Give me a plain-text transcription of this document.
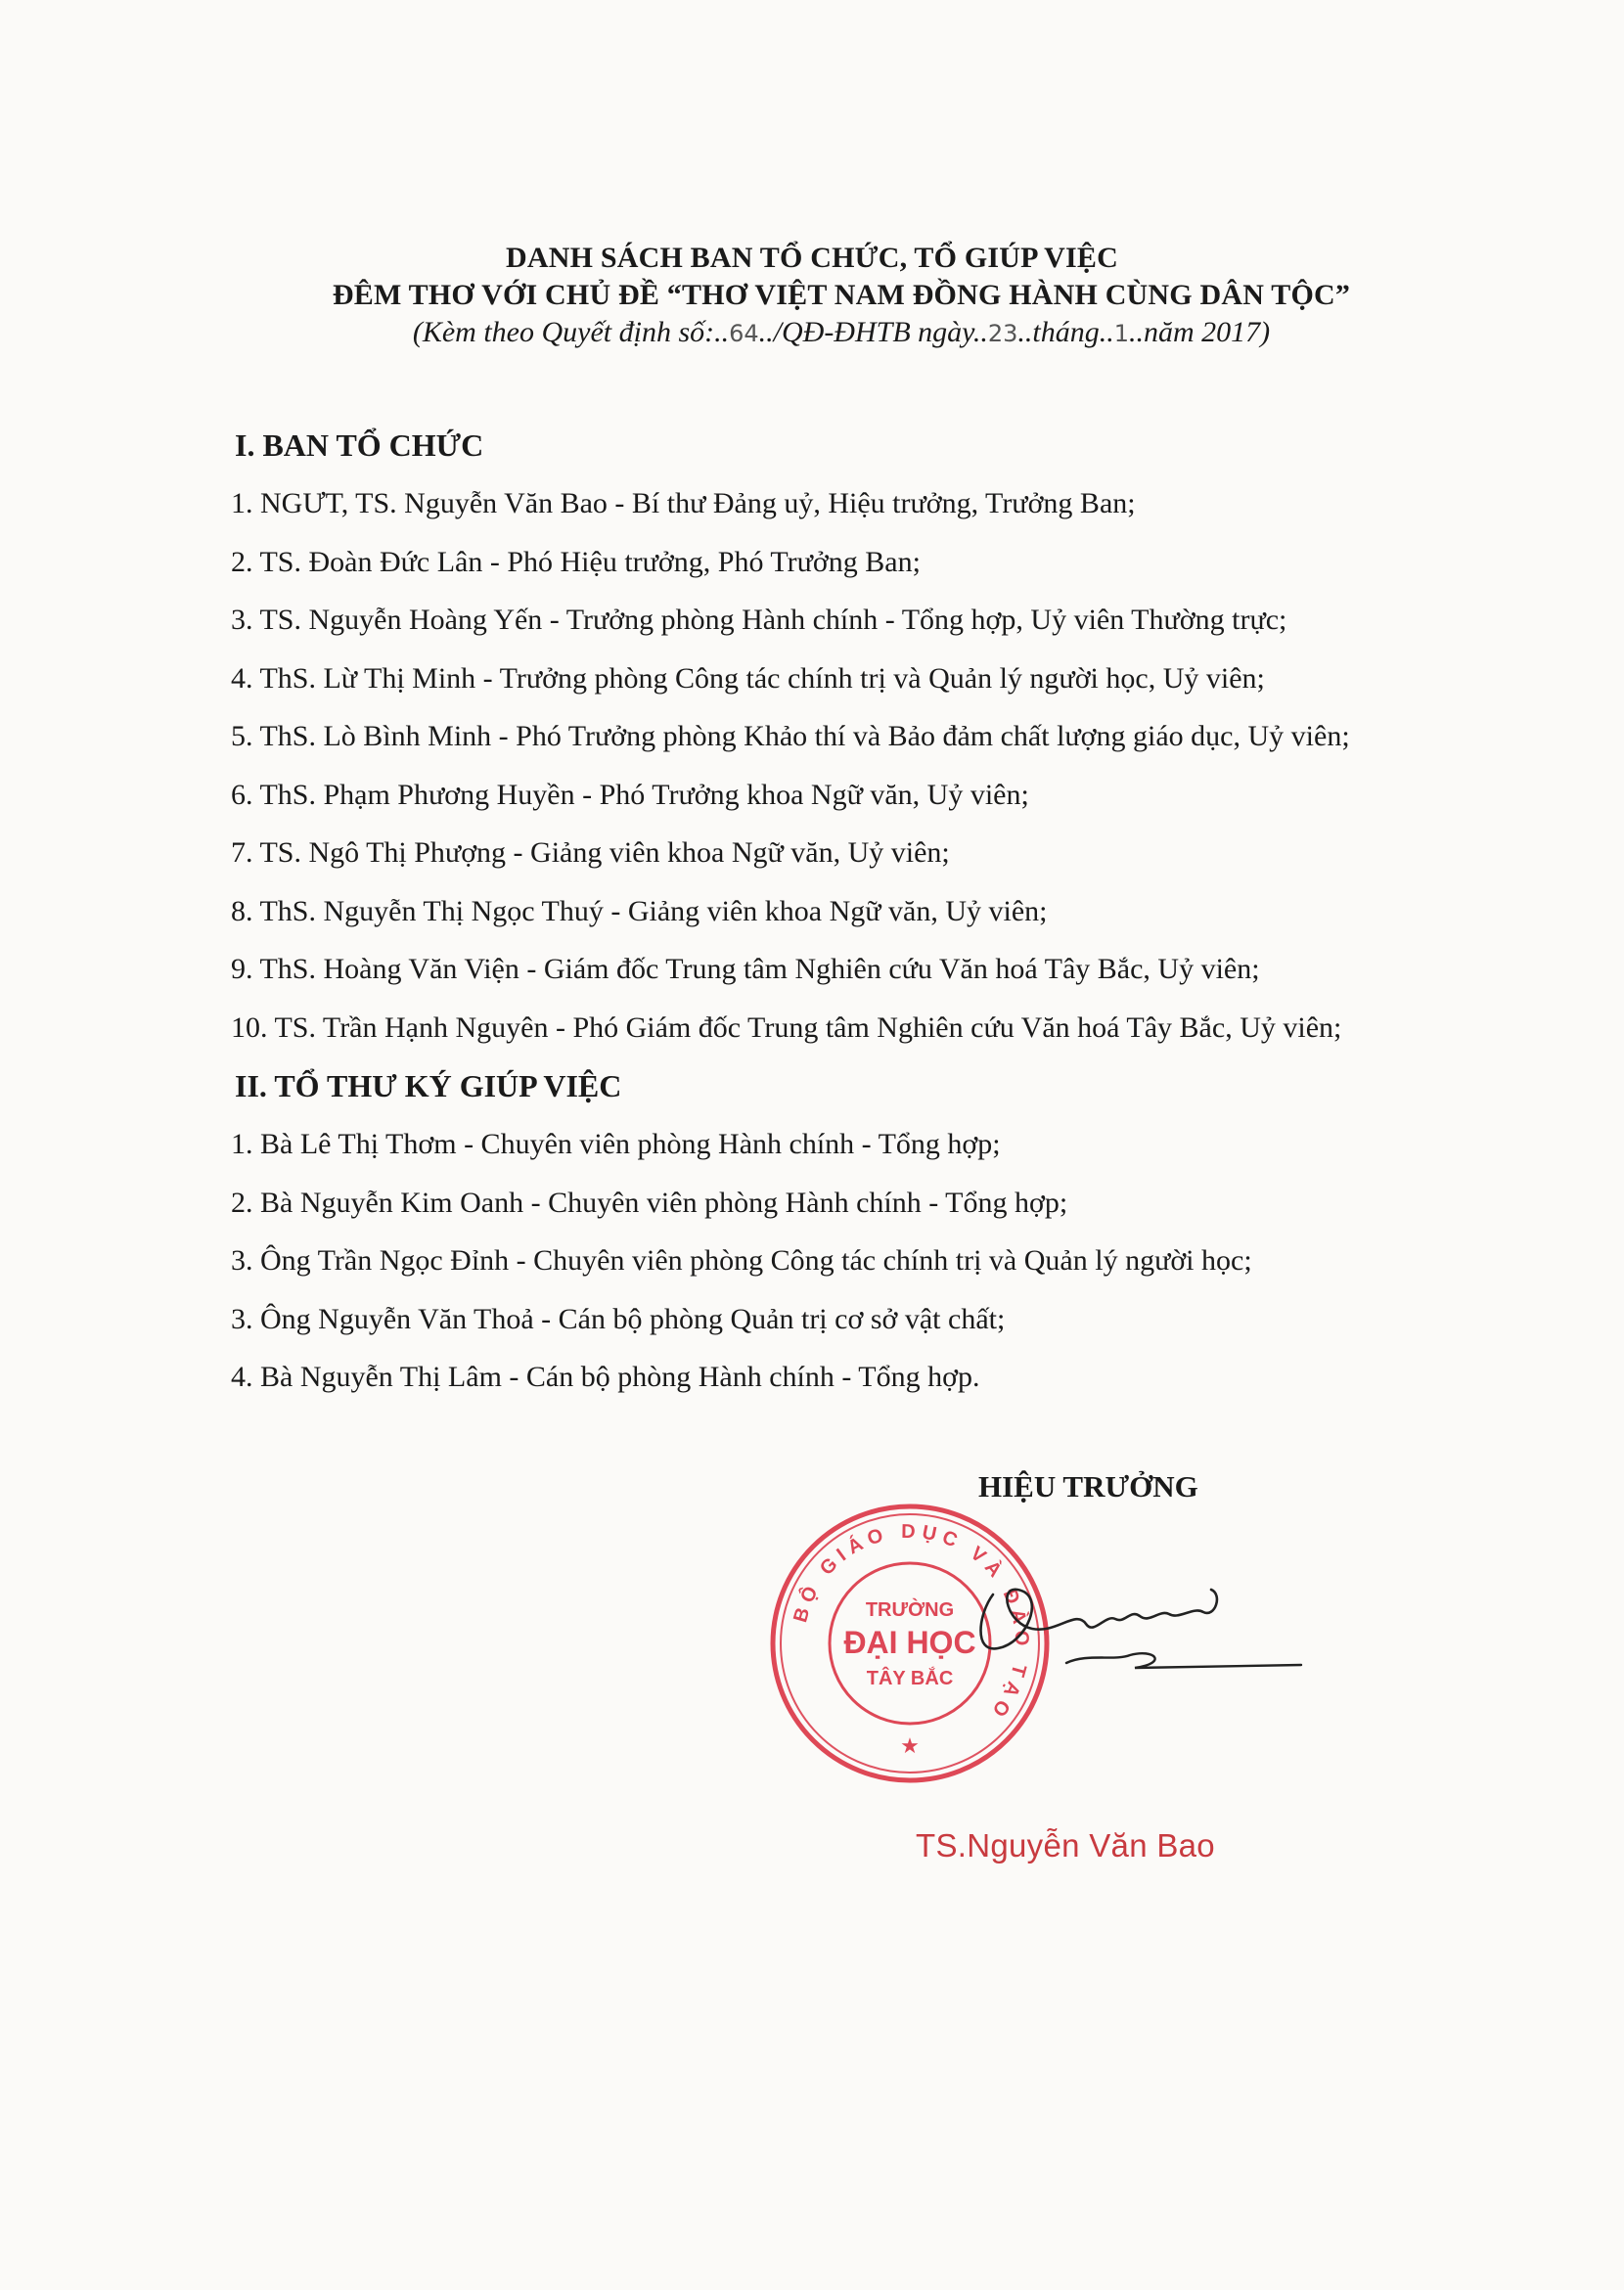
DANH SÁCH BAN TỔ CHỨC, TỔ GIÚP VIỆC
ĐÊM THƠ VỚI CHỦ ĐỀ “THƠ VIỆT NAM ĐỒNG HÀNH CÙNG DÂN TỘC”
(Kèm theo Quyết định số:..64../QĐ-ĐHTB ngày..23..tháng..1..năm 2017)
I. BAN TỔ CHỨC
1. NGƯT, TS. Nguyễn Văn Bao - Bí thư Đảng uỷ, Hiệu trưởng, Trưởng Ban;
2. TS. Đoàn Đức Lân - Phó Hiệu trưởng, Phó Trưởng Ban;
3. TS. Nguyễn Hoàng Yến - Trưởng phòng Hành chính - Tổng hợp, Uỷ viên Thường trực;
4. ThS. Lừ Thị Minh - Trưởng phòng Công tác chính trị và Quản lý người học, Uỷ viên;
5. ThS. Lò Bình Minh - Phó Trưởng phòng Khảo thí và Bảo đảm chất lượng giáo dục, Uỷ viên;
6. ThS. Phạm Phương Huyền - Phó Trưởng khoa Ngữ văn, Uỷ viên;
7. TS. Ngô Thị Phượng - Giảng viên khoa Ngữ văn, Uỷ viên;
8. ThS. Nguyễn Thị Ngọc Thuý - Giảng viên khoa Ngữ văn, Uỷ viên;
9. ThS. Hoàng Văn Viện - Giám đốc Trung tâm Nghiên cứu Văn hoá Tây Bắc, Uỷ viên;
10. TS. Trần Hạnh Nguyên - Phó Giám đốc Trung tâm Nghiên cứu Văn hoá Tây Bắc, Uỷ viên;
II. TỔ THƯ KÝ GIÚP VIỆC
1. Bà Lê Thị Thơm - Chuyên viên phòng Hành chính - Tổng hợp;
2. Bà Nguyễn Kim Oanh - Chuyên viên phòng Hành chính - Tổng hợp;
3. Ông Trần Ngọc Đỉnh - Chuyên viên phòng Công tác chính trị và Quản lý người học;
3. Ông Nguyễn Văn Thoả - Cán bộ phòng Quản trị cơ sở vật chất;
4. Bà Nguyễn Thị Lâm - Cán bộ phòng Hành chính - Tổng hợp.
HIỆU TRƯỞNG
BỘ GIÁO DỤC VÀ ĐÀO TẠO
TRƯỜNG
ĐẠI HỌC
TÂY BẮC
★
TS.Nguyễn Văn Bao
